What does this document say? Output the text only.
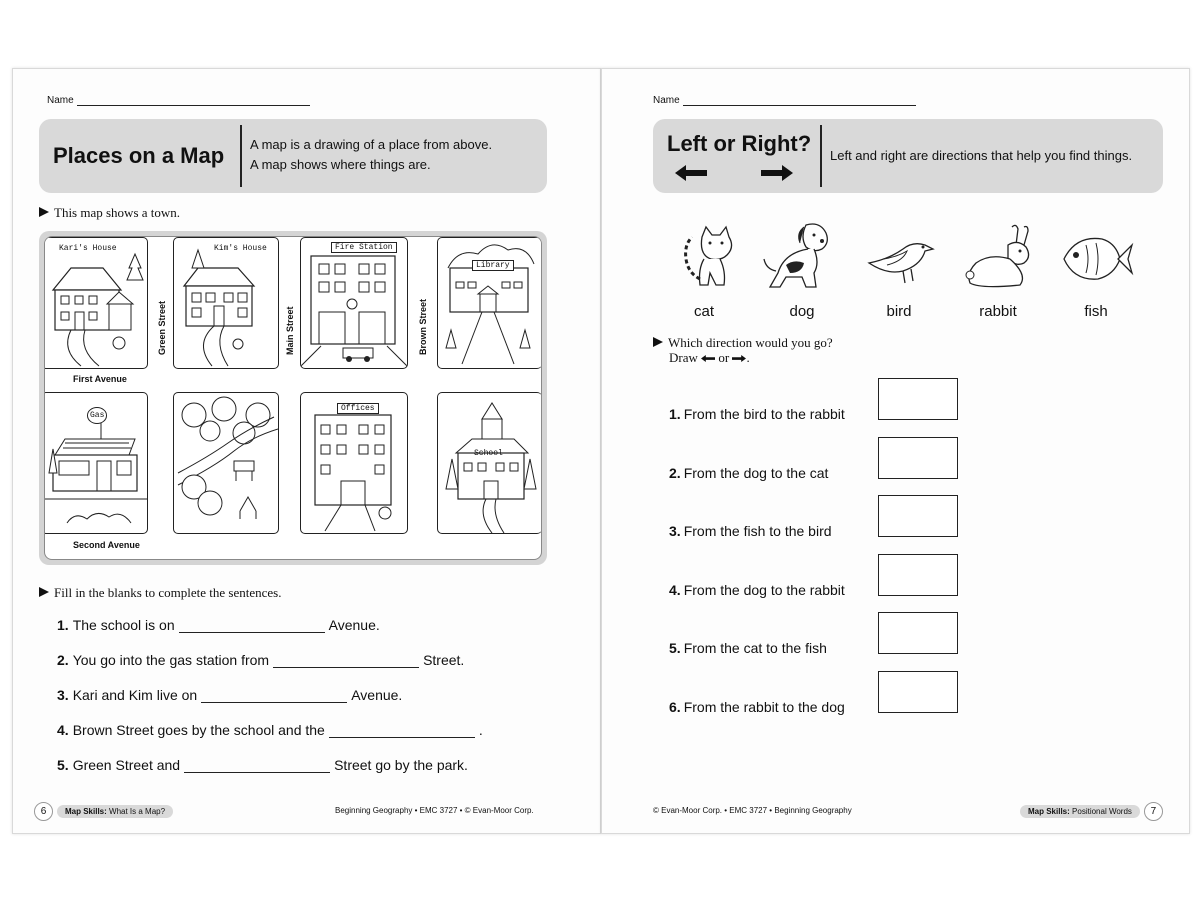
Name
Places on a Map A map is a drawing of a place from above.
A map shows where things are.
This map shows a town.
Kari's House	Kim's House	Fire Station
Library
Gas
Offices
School
Green Street	Main Street	Brown Street
First Avenue
Second Avenue
Fill in the blanks to complete the sentences.
1. The school is on	Avenue.
2. You go into the gas station from	Street.
3. Kari and Kim live on	Avenue.
4. Brown Street goes by the school and the	.
5. Green Street and	Street go by the park.
6	Map Skills: What Is a Map?	Beginning Geography • EMC 3727 • © Evan-Moor Corp.
Name
Left or Right? Left and right are directions that help you find things.
cat	dog	bird	rabbit	fish
Which direction would you go?
Draw or .
1. From the bird to the rabbit
2. From the dog to the cat
3. From the fish to the bird
4. From the dog to the rabbit
5. From the cat to the fish
6. From the rabbit to the dog
© Evan-Moor Corp. • EMC 3727 • Beginning Geography	Map Skills: Positional Words	7
